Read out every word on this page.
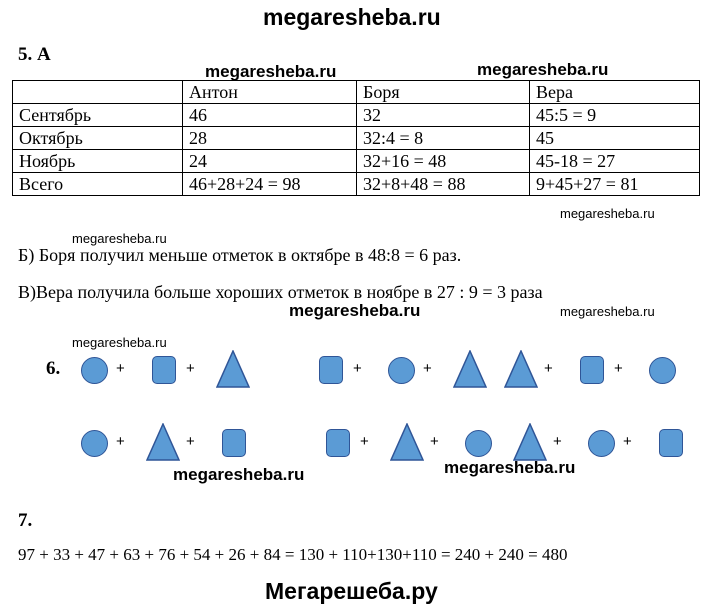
megaresheba.ru
5. А
megaresheba.ru	megaresheba.ru
	Антон	Боря	Вера
Сентябрь	46	32	45:5 = 9
Октябрь	28	32:4 = 8	45
Ноябрь	24	32+16 = 48	45-18 = 27
Всего	46+28+24 = 98	32+8+48 = 88	9+45+27 = 81
megaresheba.ru
megaresheba.ru
Б) Боря получил меньше отметок в октябре в 48:8 = 6 раз.
В)Вера получила больше хороших отметок в ноябре в 27 : 9 = 3 раза
megaresheba.ru	megaresheba.ru
megaresheba.ru
6.	+	+	+	+	+	+
+	+	+	+	+	+
megaresheba.ru	megaresheba.ru
7.
97 + 33 + 47 + 63 + 76 + 54 + 26 + 84 = 130 + 110+130+110 = 240 + 240 = 480
Мегарешеба.ру
